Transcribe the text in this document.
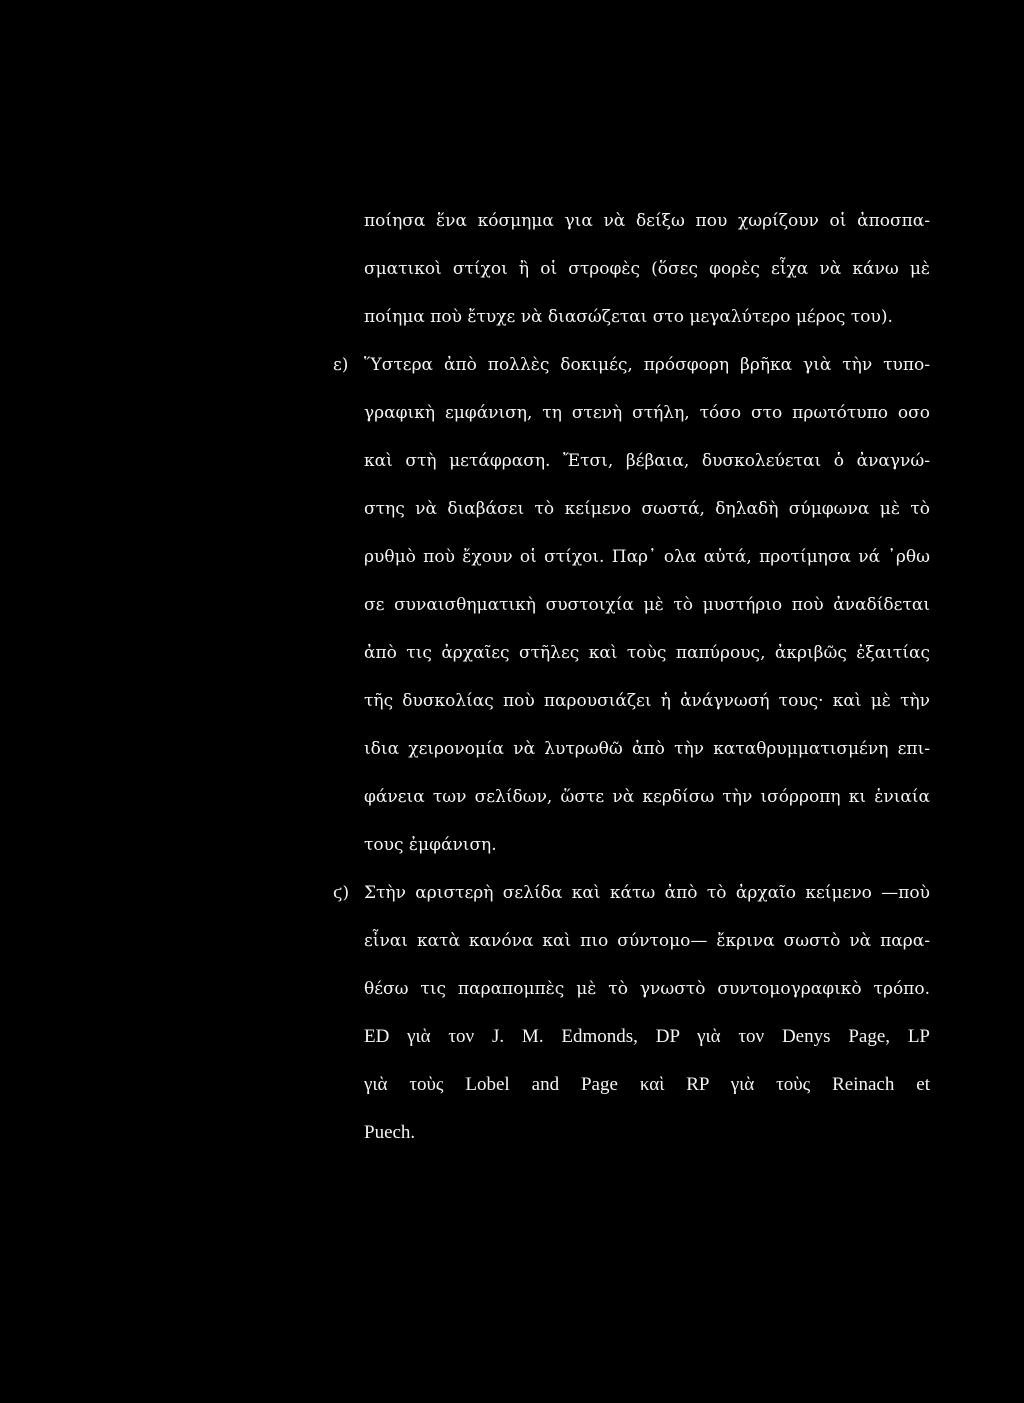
ποίησα ἕνα κόσμημα για νὰ δείξω που χωρίζουν οἱ ἀποσπα-
σματικοὶ στίχοι ἢ οἱ στροφὲς (ὅσες φορὲς εἶχα νὰ κάνω μὲ
ποίημα ποὺ ἔτυχε νὰ διασώζεται στο μεγαλύτερο μέρος του).
ε) Ὕστερα ἀπὸ πολλὲς δοκιμές, πρόσφορη βρῆκα γιὰ τὴν τυπο-
γραφικὴ εμφάνιση, τη στενὴ στήλη, τόσο στο πρωτότυπο οσο
καὶ στὴ μετάφραση. Ἔτσι, βέβαια, δυσκολεύεται ὁ ἀναγνώ-
στης νὰ διαβάσει τὸ κείμενο σωστά, δηλαδὴ σύμφωνα μὲ τὸ
ρυθμὸ ποὺ ἔχουν οἱ στίχοι. Παρ᾽ ολα αὐτά, προτίμησα νά ᾽ρθω
σε συναισθηματικὴ συστοιχία μὲ τὸ μυστήριο ποὺ ἀναδίδεται
ἀπὸ τις ἀρχαῖες στῆλες καὶ τοὺς παπύρους, ἀκριβῶς ἐξαιτίας
τῆς δυσκολίας ποὺ παρουσιάζει ἡ ἀνάγνωσή τους· καὶ μὲ τὴν
ιδια χειρονομία νὰ λυτρωθῶ ἀπὸ τὴν καταθρυμματισμένη επι-
φάνεια των σελίδων, ὥστε νὰ κερδίσω τὴν ισόρροπη κι ἑνιαία
τους ἐμφάνιση.
ϛ) Στὴν αριστερὴ σελίδα καὶ κάτω ἀπὸ τὸ ἀρχαῖο κείμενο —ποὺ
εἶναι κατὰ κανόνα καὶ πιο σύντομο— ἔκρινα σωστὸ νὰ παρα-
θέσω τις παραπομπὲς μὲ τὸ γνωστὸ συντομογραφικὸ τρόπο.
ED γιὰ τον J. M. Edmonds, DP γιὰ τον Denys Page, LP
γιὰ τοὺς Lobel and Page καὶ RP γιὰ τοὺς Reinach et
Puech.
